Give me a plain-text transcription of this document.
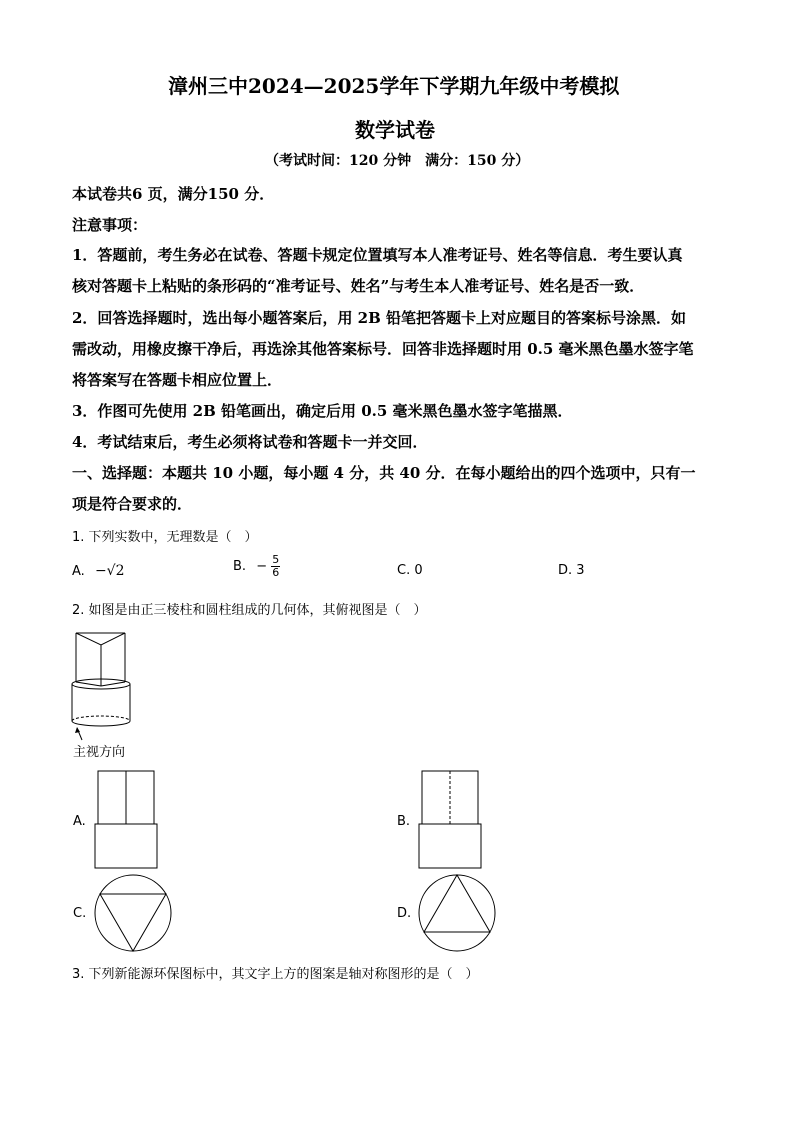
漳州三中2024—2025学年下学期九年级中考模拟
数学试卷
（考试时间：120 分钟　满分：150 分）
本试卷共6 页，满分150 分．
注意事项：
1．答题前，考生务必在试卷、答题卡规定位置填写本人准考证号、姓名等信息．考生要认真
核对答题卡上粘贴的条形码的“准考证号、姓名”与考生本人准考证号、姓名是否一致．
2．回答选择题时，选出每小题答案后，用 2B 铅笔把答题卡上对应题目的答案标号涂黑．如
需改动，用橡皮擦干净后，再选涂其他答案标号．回答非选择题时用 0.5 毫米黑色墨水签字笔
将答案写在答题卡相应位置上．
3．作图可先使用 2B 铅笔画出，确定后用 0.5 毫米黑色墨水签字笔描黑．
4．考试结束后，考生必须将试卷和答题卡一并交回．
一、选择题：本题共 10 小题，每小题 4 分，共 40 分．在每小题给出的四个选项中，只有一
项是符合要求的．
1. 下列实数中，无理数是（　）
A. −√2	B. − $\frac{5}{6}$	C. 0	D. 3
2. 如图是由正三棱柱和圆柱组成的几何体，其俯视图是（　）
主视方向
A.	B.
C.	D.
3. 下列新能源环保图标中，其文字上方的图案是轴对称图形的是（　）
